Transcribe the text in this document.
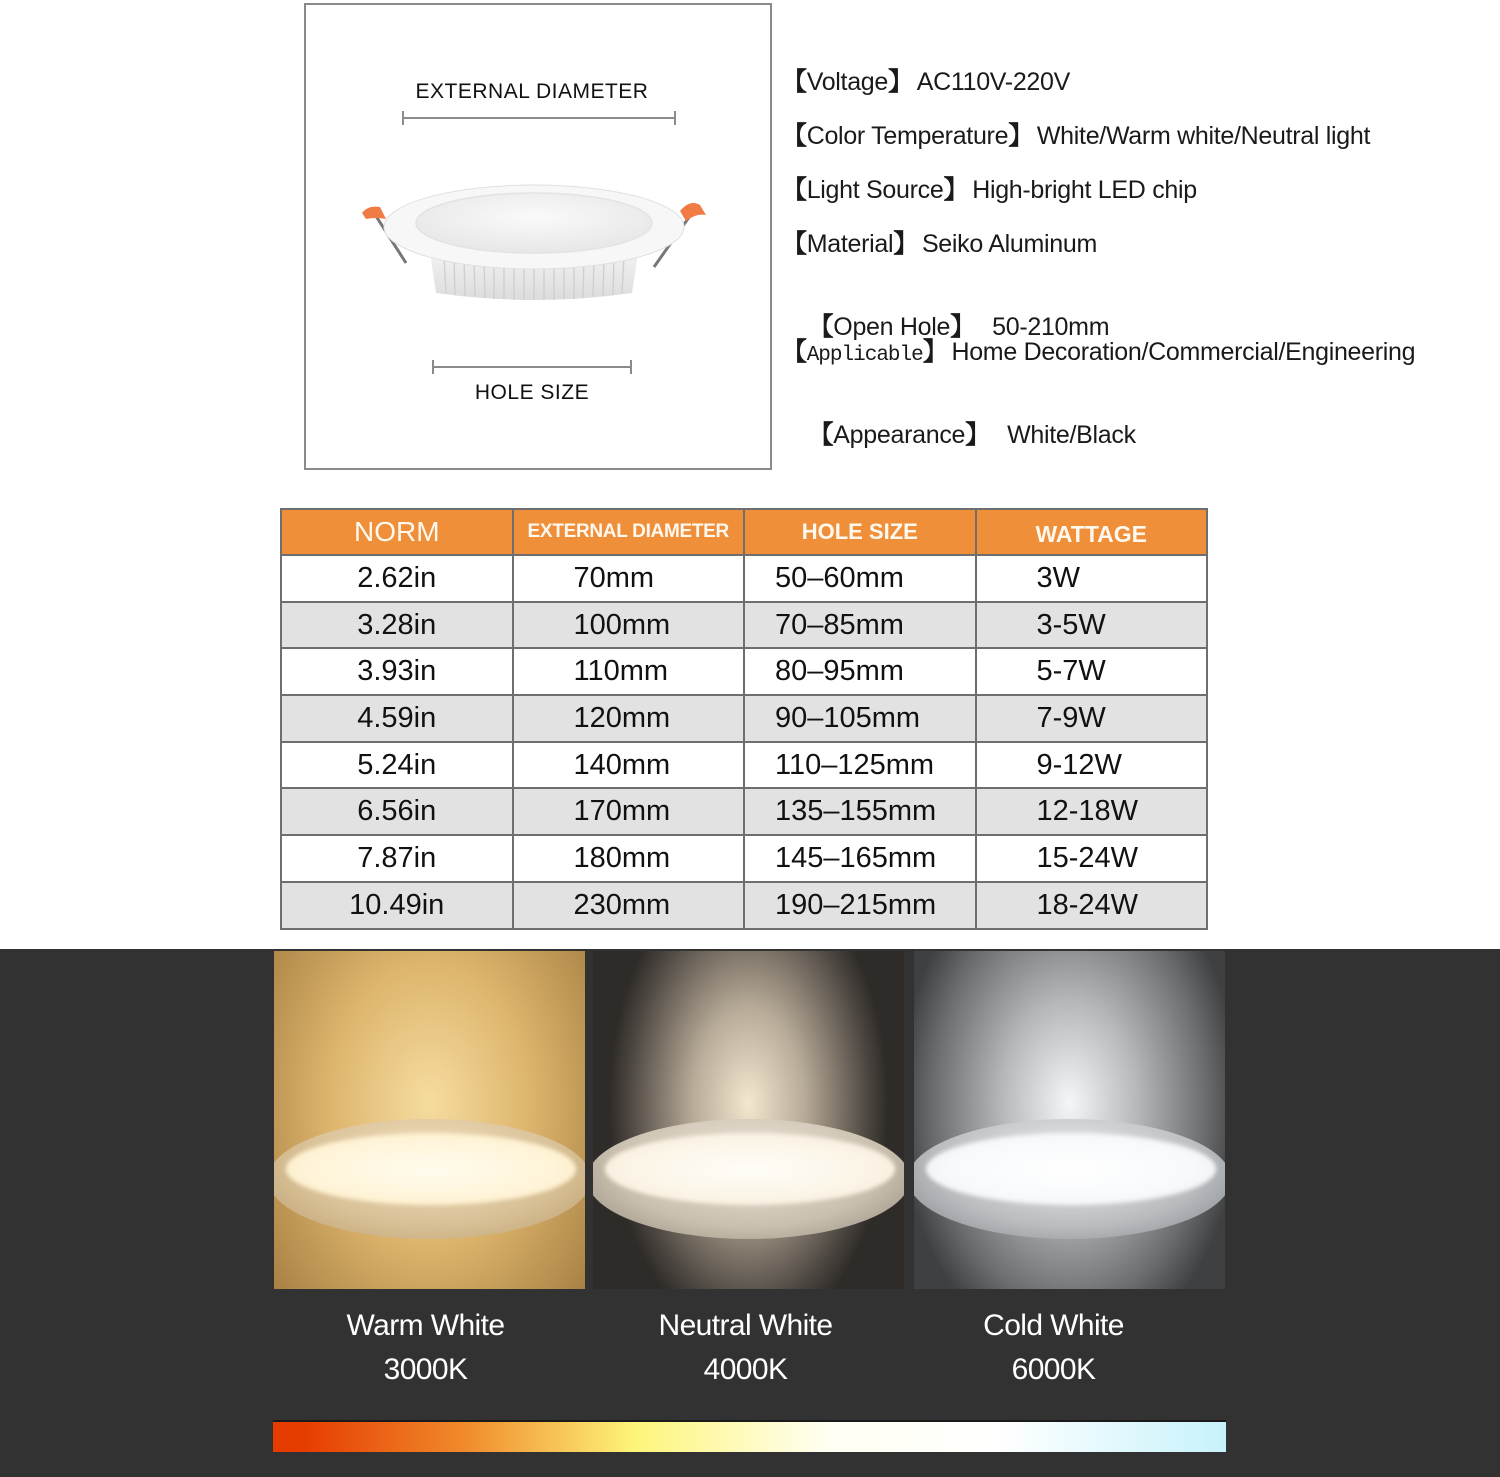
EXTERNAL DIAMETER
HOLE SIZE
【Voltage】 AC110V-220V
【Color Temperature】 White/Warm white/Neutral light
【Light Source】 High-bright LED chip
【Material】 Seiko Aluminum

【Open Hole】  50-210mm

【Applicable】 Home Decoration/Commercial/Engineering

【Appearance】  White/Black

NORM	EXTERNAL DIAMETER	HOLE SIZE	WATTAGE
2.62in	70mm	50–60mm	3W
3.28in	100mm	70–85mm	3-5W
3.93in	110mm	80–95mm	5-7W
4.59in	120mm	90–105mm	7-9W
5.24in	140mm	110–125mm	9-12W
6.56in	170mm	135–155mm	12-18W
7.87in	180mm	145–165mm	15-24W
10.49in	230mm	190–215mm	18-24W
Warm White
3000K
Neutral White
4000K
Cold White
6000K
